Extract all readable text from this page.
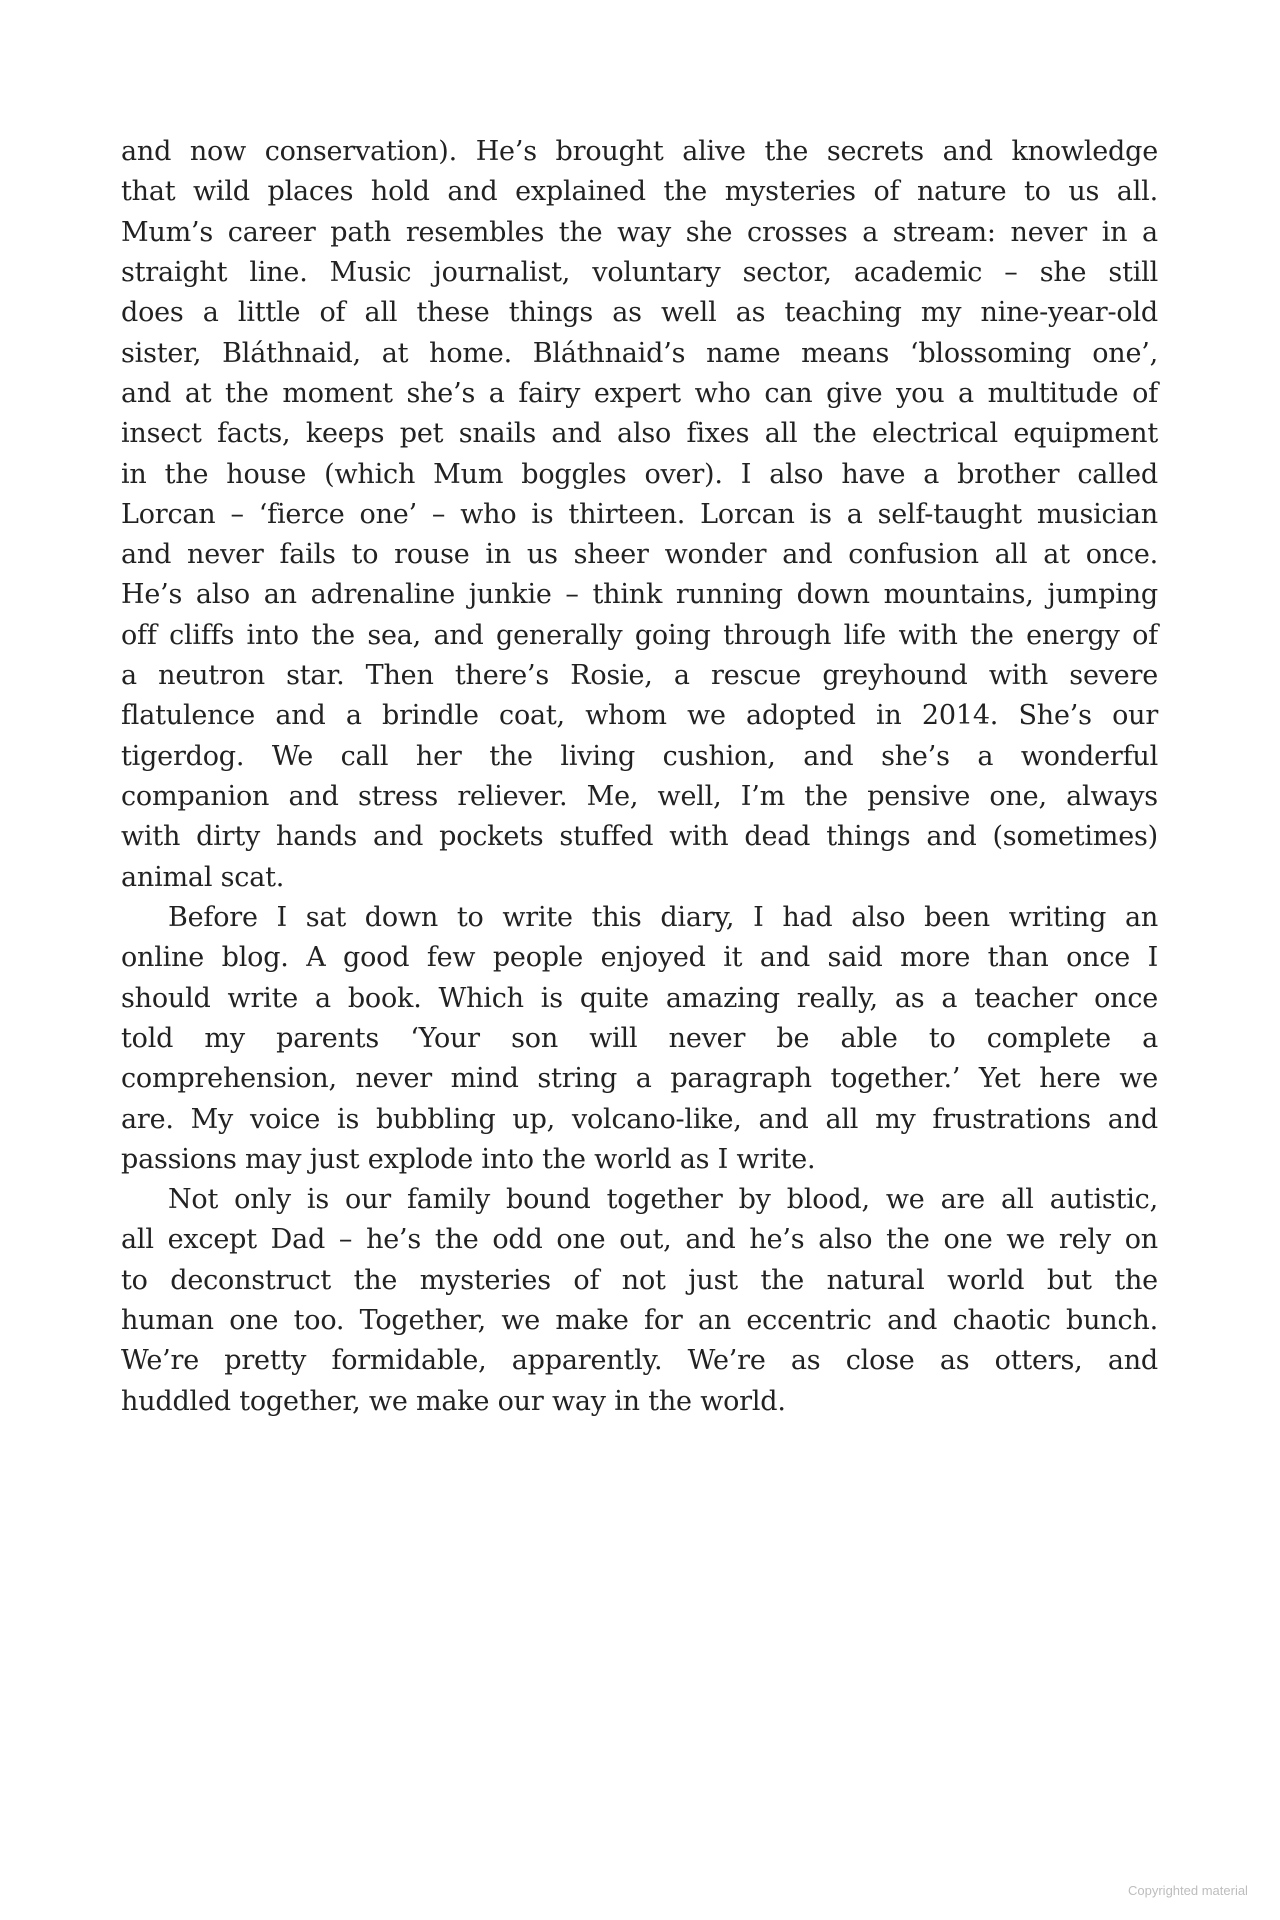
and now conservation). He’s brought alive the secrets and knowledge
that wild places hold and explained the mysteries of nature to us all.
Mum’s career path resembles the way she crosses a stream: never in a
straight line. Music journalist, voluntary sector, academic – she still
does a little of all these things as well as teaching my nine-year-old
sister, Bláthnaid, at home. Bláthnaid’s name means ‘blossoming one’,
and at the moment she’s a fairy expert who can give you a multitude of
insect facts, keeps pet snails and also fixes all the electrical equipment
in the house (which Mum boggles over). I also have a brother called
Lorcan – ‘fierce one’ – who is thirteen. Lorcan is a self-taught musician
and never fails to rouse in us sheer wonder and confusion all at once.
He’s also an adrenaline junkie – think running down mountains, jumping
off cliffs into the sea, and generally going through life with the energy of
a neutron star. Then there’s Rosie, a rescue greyhound with severe
flatulence and a brindle coat, whom we adopted in 2014. She’s our
tigerdog. We call her the living cushion, and she’s a wonderful
companion and stress reliever. Me, well, I’m the pensive one, always
with dirty hands and pockets stuffed with dead things and (sometimes)
animal scat.
Before I sat down to write this diary, I had also been writing an
online blog. A good few people enjoyed it and said more than once I
should write a book. Which is quite amazing really, as a teacher once
told my parents ‘Your son will never be able to complete a
comprehension, never mind string a paragraph together.’ Yet here we
are. My voice is bubbling up, volcano-like, and all my frustrations and
passions may just explode into the world as I write.
Not only is our family bound together by blood, we are all autistic,
all except Dad – he’s the odd one out, and he’s also the one we rely on
to deconstruct the mysteries of not just the natural world but the
human one too. Together, we make for an eccentric and chaotic bunch.
We’re pretty formidable, apparently. We’re as close as otters, and
huddled together, we make our way in the world.
Copyrighted material
